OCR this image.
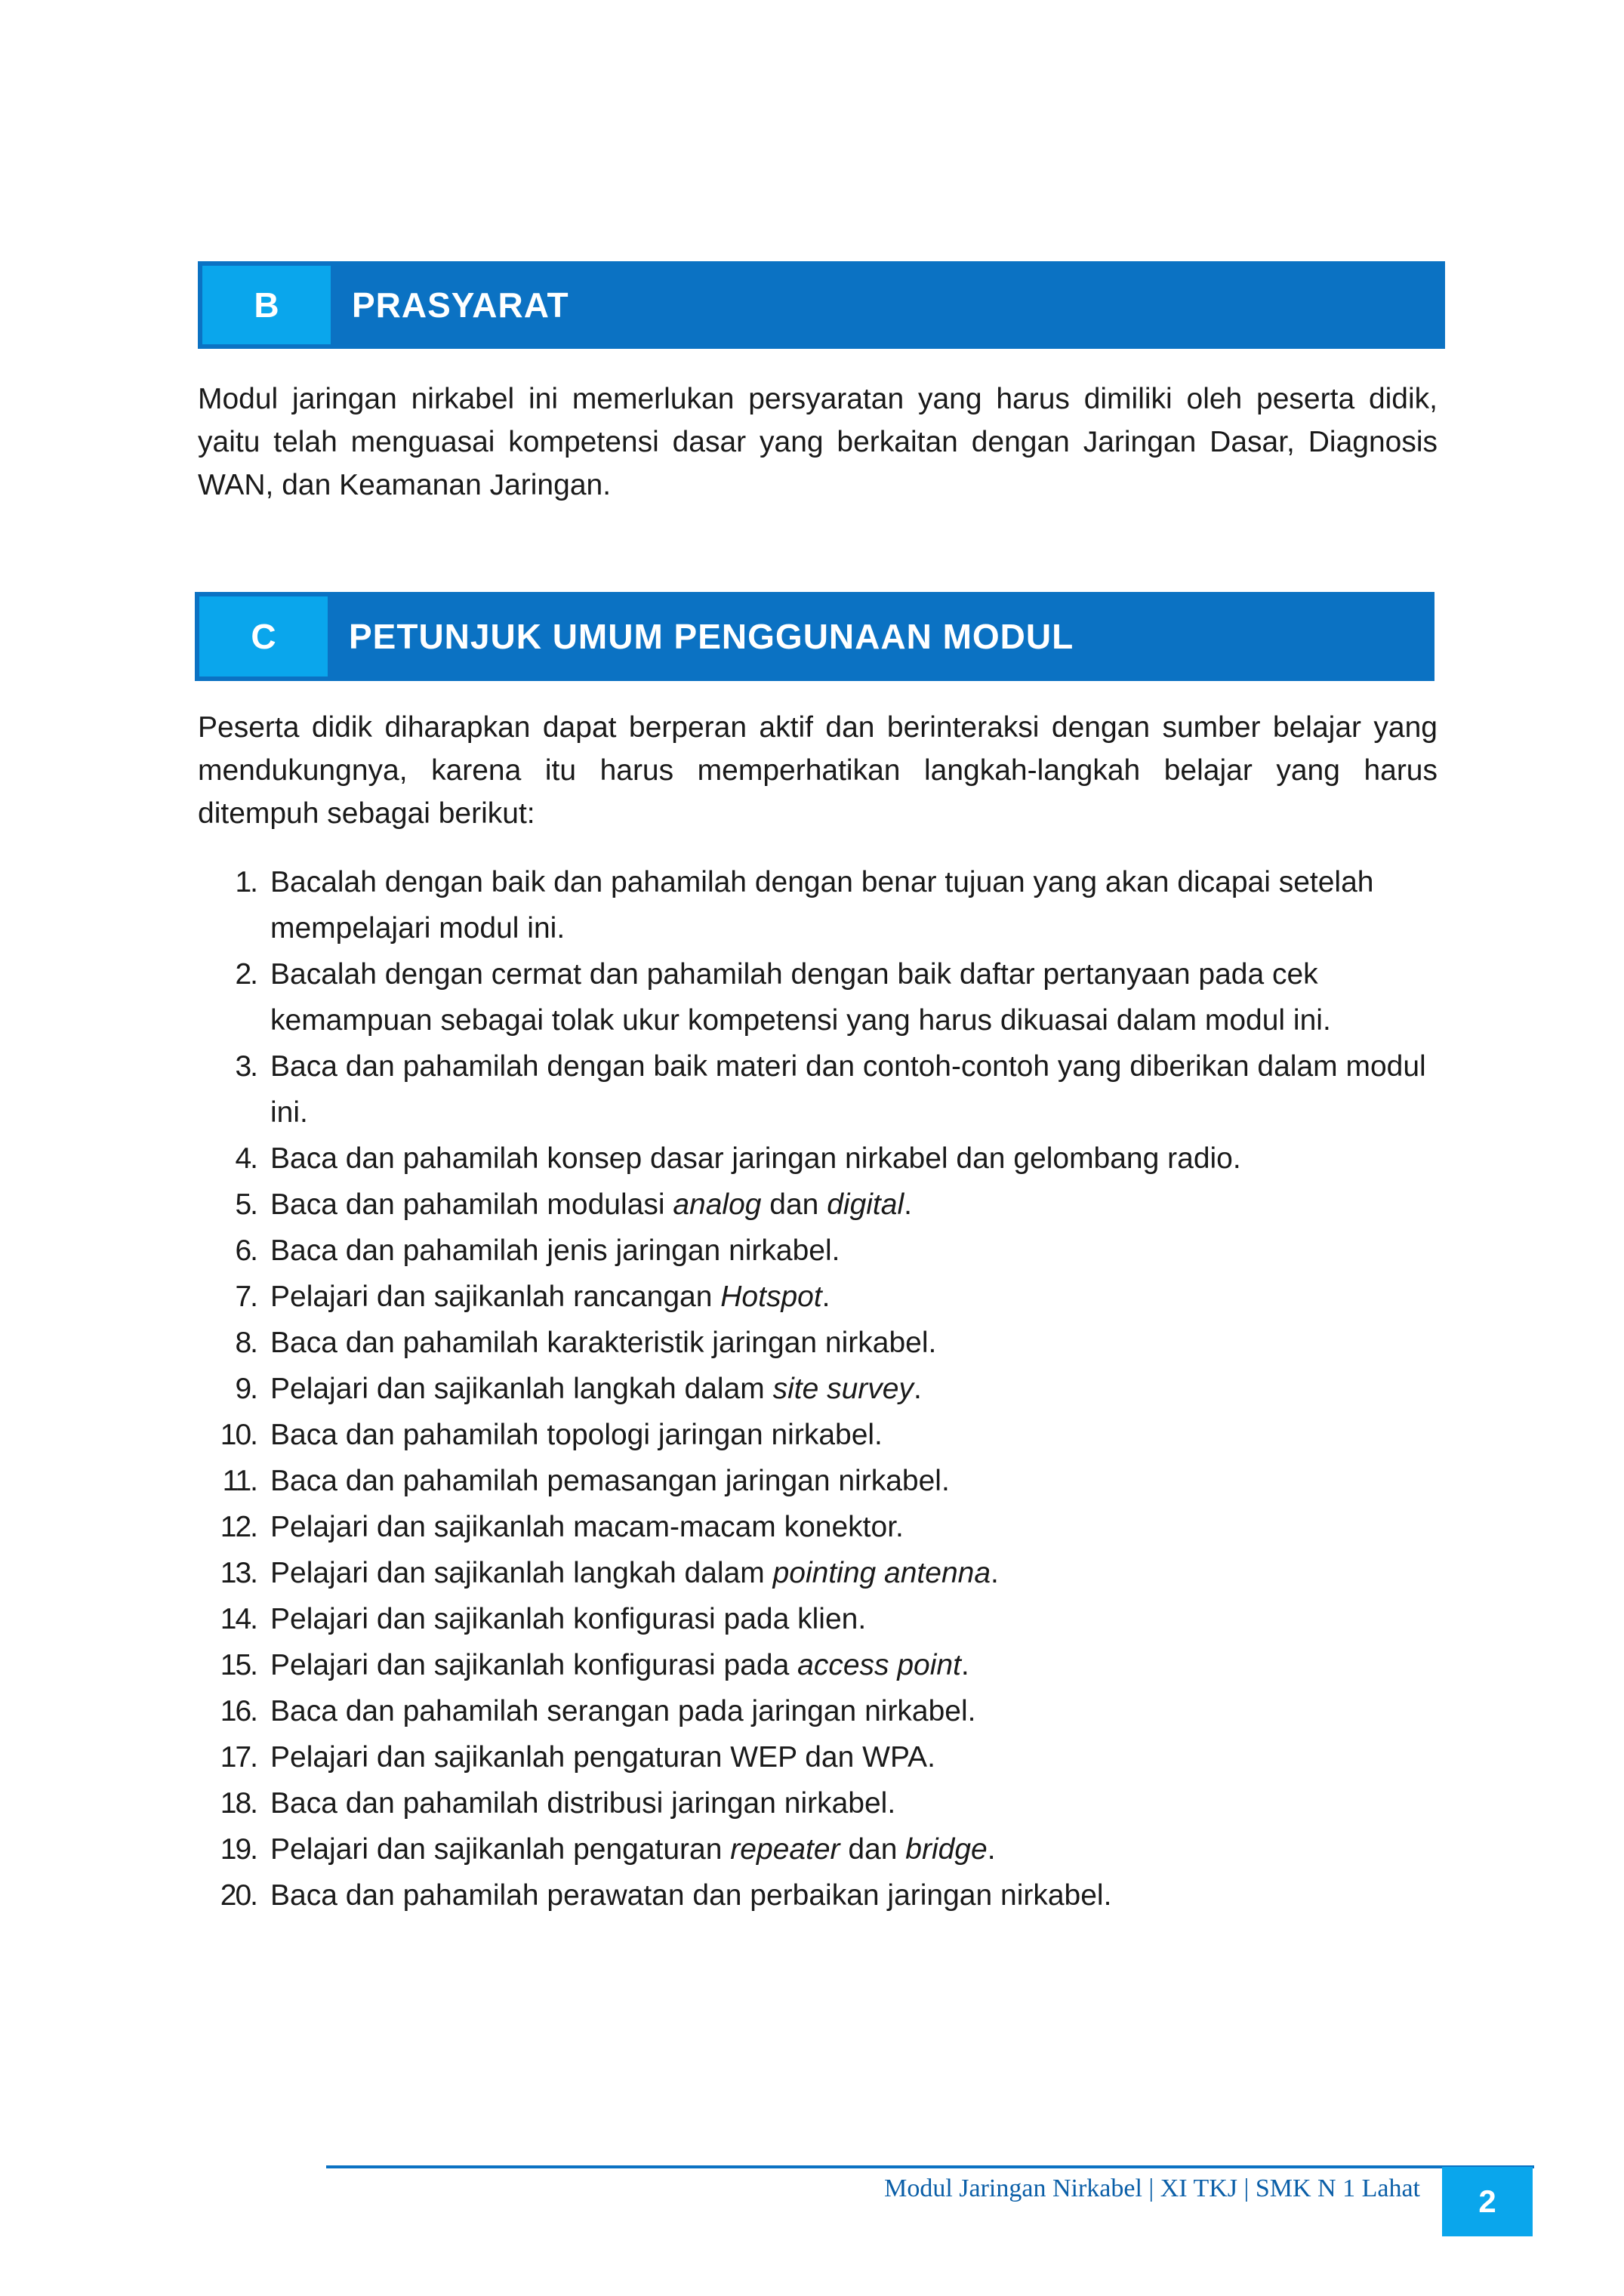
B	PRASYARAT
Modul jaringan nirkabel ini memerlukan persyaratan yang harus dimiliki oleh peserta didik, yaitu telah menguasai kompetensi dasar yang berkaitan dengan Jaringan Dasar, Diagnosis WAN, dan Keamanan Jaringan.
C	PETUNJUK UMUM PENGGUNAAN MODUL
Peserta didik diharapkan dapat berperan aktif dan berinteraksi dengan sumber belajar yang mendukungnya, karena itu harus memperhatikan langkah-langkah belajar yang harus ditempuh sebagai berikut:
1. Bacalah dengan baik dan pahamilah dengan benar tujuan yang akan dicapai setelah mempelajari modul ini.
2. Bacalah dengan cermat dan pahamilah dengan baik daftar pertanyaan pada cek kemampuan sebagai tolak ukur kompetensi yang harus dikuasai dalam modul ini.
3. Baca dan pahamilah dengan baik materi dan contoh-contoh yang diberikan dalam modul ini.
4. Baca dan pahamilah konsep dasar jaringan nirkabel dan gelombang radio.
5. Baca dan pahamilah modulasi analog dan digital.
6. Baca dan pahamilah jenis jaringan nirkabel.
7. Pelajari dan sajikanlah rancangan Hotspot.
8. Baca dan pahamilah karakteristik jaringan nirkabel.
9. Pelajari dan sajikanlah langkah dalam site survey.
10. Baca dan pahamilah topologi jaringan nirkabel.
11. Baca dan pahamilah pemasangan jaringan nirkabel.
12. Pelajari dan sajikanlah macam-macam konektor.
13. Pelajari dan sajikanlah langkah dalam pointing antenna.
14. Pelajari dan sajikanlah konfigurasi pada klien.
15. Pelajari dan sajikanlah konfigurasi pada access point.
16. Baca dan pahamilah serangan pada jaringan nirkabel.
17. Pelajari dan sajikanlah pengaturan WEP dan WPA.
18. Baca dan pahamilah distribusi jaringan nirkabel.
19. Pelajari dan sajikanlah pengaturan repeater dan bridge.
20. Baca dan pahamilah perawatan dan perbaikan jaringan nirkabel.
Modul Jaringan Nirkabel | XI TKJ | SMK N 1 Lahat	2
